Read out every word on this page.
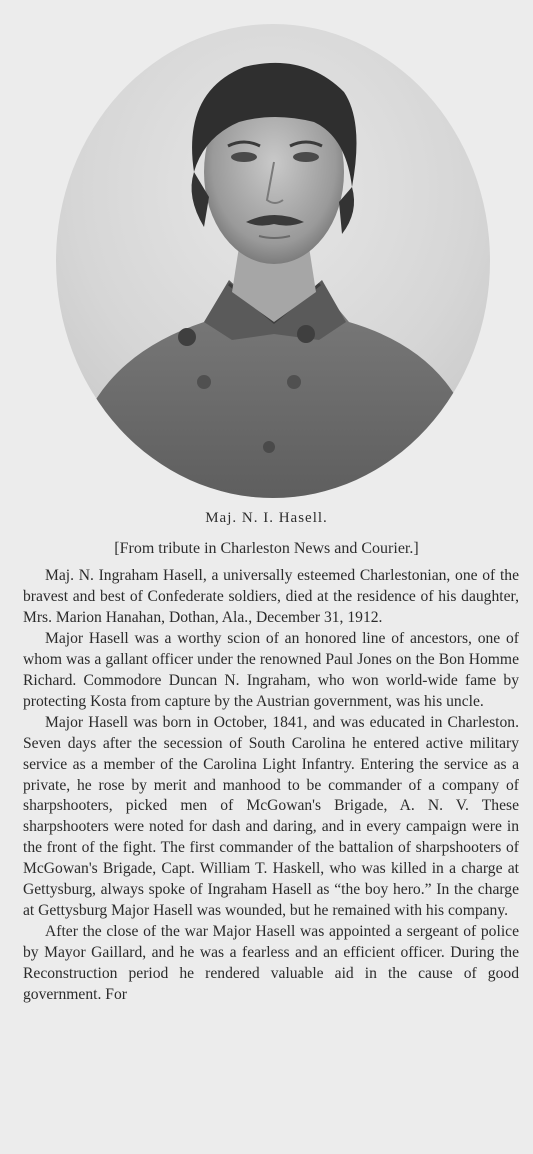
Maj. N. I. Hasell.
[From tribute in Charleston News and Courier.]

Maj. N. Ingraham Hasell, a universally esteemed Charlestonian, one of the bravest and best of Confederate soldiers, died at the residence of his daughter, Mrs. Marion Hanahan, Dothan, Ala., December 31, 1912.

Major Hasell was a worthy scion of an honored line of ancestors, one of whom was a gallant officer under the renowned Paul Jones on the Bon Homme Richard. Commodore Duncan N. Ingraham, who won world-wide fame by protecting Kosta from capture by the Austrian government, was his uncle.

Major Hasell was born in October, 1841, and was educated in Charleston. Seven days after the secession of South Carolina he entered active military service as a member of the Carolina Light Infantry. Entering the service as a private, he rose by merit and manhood to be commander of a company of sharpshooters, picked men of McGowan's Brigade, A. N. V. These sharpshooters were noted for dash and daring, and in every campaign were in the front of the fight. The first commander of the battalion of sharpshooters of McGowan's Brigade, Capt. William T. Haskell, who was killed in a charge at Gettysburg, always spoke of Ingraham Hasell as “the boy hero.” In the charge at Gettysburg Major Hasell was wounded, but he remained with his company.

After the close of the war Major Hasell was appointed a sergeant of police by Mayor Gaillard, and he was a fearless and an efficient officer. During the Reconstruction period he rendered valuable aid in the cause of good government. For
